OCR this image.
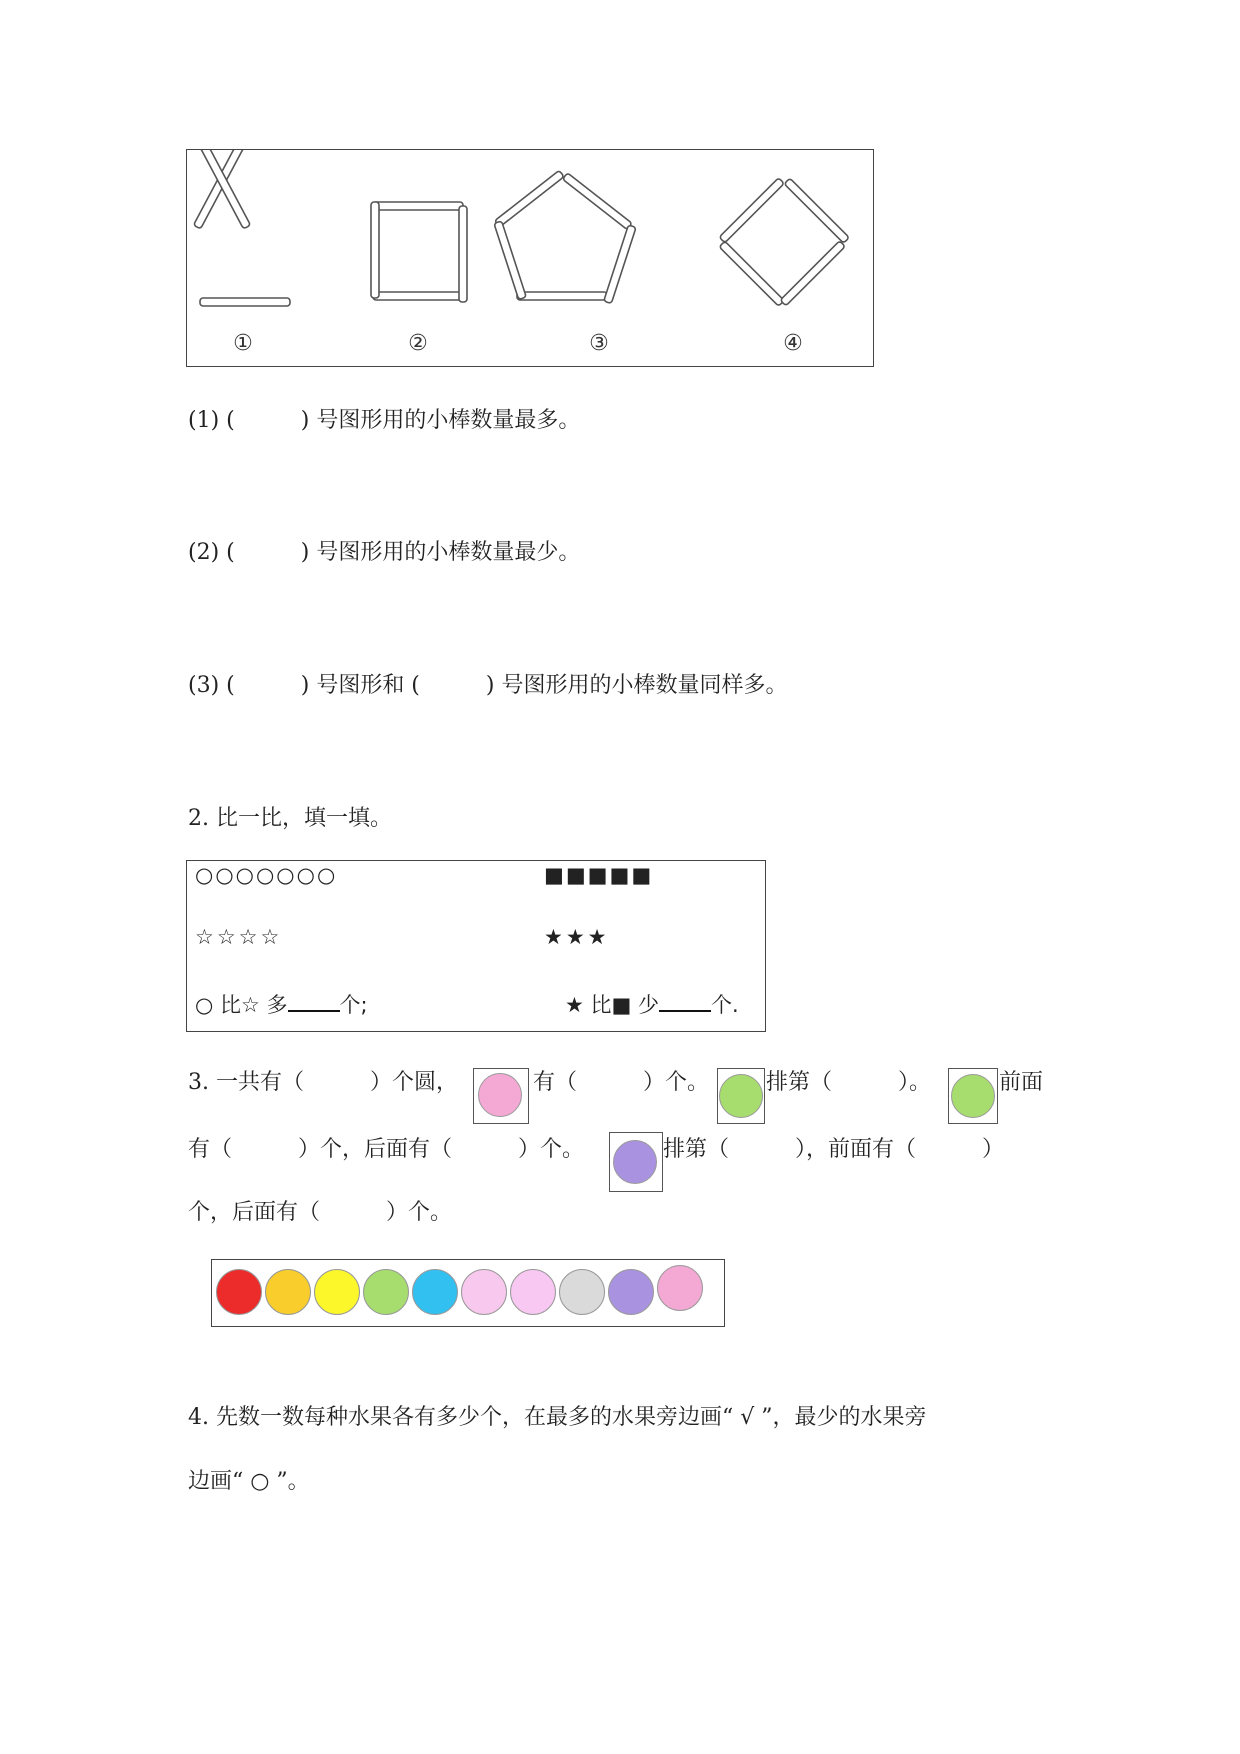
①	②	③	④
(1) (　　　) 号图形用的小棒数量最多。
(2) (　　　) 号图形用的小棒数量最少。
(3) (　　　) 号图形和 (　　　) 号图形用的小棒数量同样多。
2. 比一比，填一填。
○○○○○○○	■■■■■
☆☆☆☆	★★★
○ 比☆ 多 个;	★ 比■ 少 个.
3. 一共有（　　　）个圆，	有（　　　）个。	排第（　　　）。	前面
有（　　　）个，后面有（　　　）个。	排第（　　　），前面有（　　　）
个，后面有（　　　）个。
4. 先数一数每种水果各有多少个，在最多的水果旁边画“ √ ”，最少的水果旁
边画“ ○ ”。
